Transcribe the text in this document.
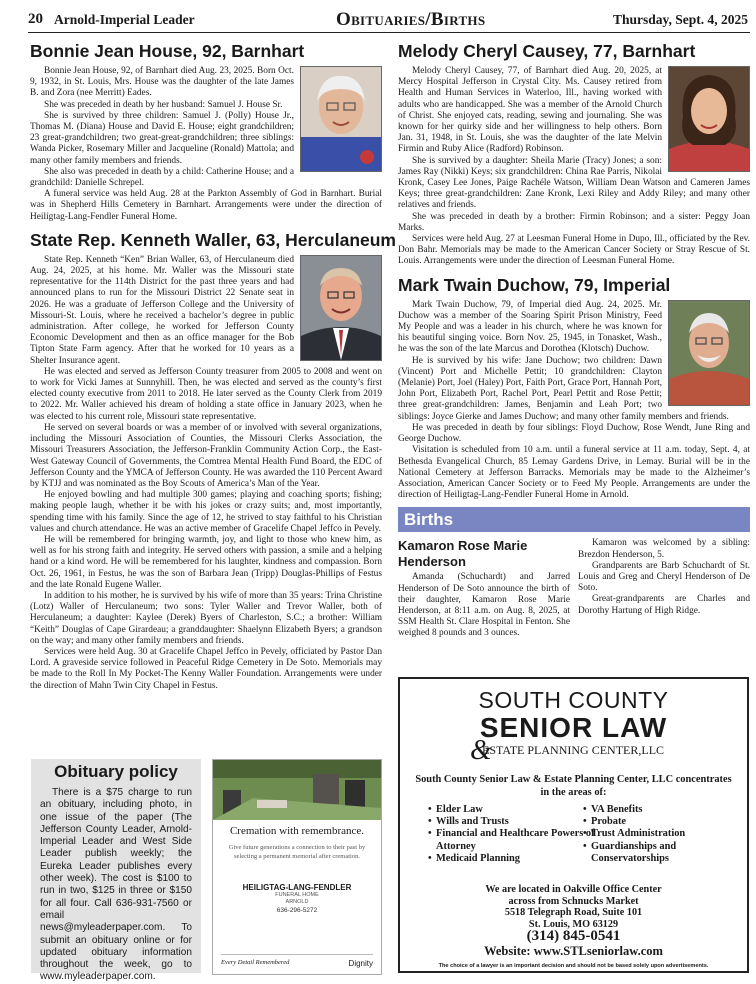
20 Arnold-Imperial Leader	Obituaries/Births	Thursday, Sept. 4, 2025
Bonnie Jean House, 92, Barnhart

Bonnie Jean House, 92, of Barnhart died Aug. 23, 2025. Born Oct. 9, 1932, in St. Louis, Mrs. House was the daughter of the late James B. and Zora (nee Merritt) Eades.

She was preceded in death by her husband: Samuel J. House Sr.

She is survived by three children: Samuel J. (Polly) House Jr., Thomas M. (Diana) House and David E. House; eight grandchildren; 23 great-grandchildren; two great-great-grandchildren; three siblings: Wanda Picker, Rosemary Miller and Jacqueline (Ronald) Mattola; and many other family members and friends.

She also was preceded in death by a child: Catherine House; and a grandchild: Danielle Schrepel.

A funeral service was held Aug. 28 at the Parkton Assembly of God in Barnhart. Burial was in Shepherd Hills Cemetery in Barnhart. Arrangements were under the direction of Heiligtag-Lang-Fendler Funeral Home.

State Rep. Kenneth Waller, 63, Herculaneum

State Rep. Kenneth “Ken” Brian Waller, 63, of Herculaneum died Aug. 24, 2025, at his home. Mr. Waller was the Missouri state representative for the 114th District for the past three years and had announced plans to run for the Missouri District 22 Senate seat in 2026. He was a graduate of Jefferson College and the University of Missouri-St. Louis, where he received a bachelor’s degree in public administration. After college, he worked for Jefferson County Economic Development and then as an office manager for the Bob Tipton State Farm agency. After that he worked for 10 years as a Shelter Insurance agent.

He was elected and served as Jefferson County treasurer from 2005 to 2008 and went on to work for Vicki James at Sunnyhill. Then, he was elected and served as the county’s first elected county executive from 2011 to 2018. He later served as the County Clerk from 2019 to 2022. Mr. Waller achieved his dream of holding a state office in January 2023, when he was elected to his current role, Missouri state representative.

He served on several boards or was a member of or involved with several organizations, including the Missouri Association of Counties, the Missouri Clerks Association, the Missouri Treasurers Association, the Jefferson-Franklin Community Action Corp., the East-West Gateway Council of Governments, the Comtrea Mental Health Fund Board, the EDC of Jefferson County and the YMCA of Jefferson County. He was awarded the 110 Percent Award by KTJJ and was nominated as the Boy Scouts of America’s Man of the Year.

He enjoyed bowling and had multiple 300 games; playing and coaching sports; fishing; making people laugh, whether it be with his jokes or crazy suits; and, most importantly, spending time with his family. Since the age of 12, he strived to stay faithful to his Christian values and church attendance. He was an active member of Gracelife Chapel Jeffco in Pevely.

He will be remembered for bringing warmth, joy, and light to those who knew him, as well as for his strong faith and integrity. He served others with passion, a smile and a helping hand or a kind word. He will be remembered for his laughter, kindness and compassion. Born Oct. 26, 1961, in Festus, he was the son of Barbara Jean (Tripp) Douglas-Phillips of Festus and the late Ronald Eugene Waller.

In addition to his mother, he is survived by his wife of more than 35 years: Trina Christine (Lotz) Waller of Herculaneum; two sons: Tyler Waller and Trevor Waller, both of Herculaneum; a daughter: Kaylee (Derek) Byers of Charleston, S.C.; a brother: William “Keith” Douglas of Cape Girardeau; a granddaughter: Shaelynn Elizabeth Byers; a grandson on the way; and many other family members and friends.

Services were held Aug. 30 at Gracelife Chapel Jeffco in Pevely, officiated by Pastor Dan Lord. A graveside service followed in Peaceful Ridge Cemetery in De Soto. Memorials may be made to the Roll In My Pocket-The Kenny Waller Foundation. Arrangements were under the direction of Mahn Twin City Chapel in Festus.

Melody Cheryl Causey, 77, Barnhart

Melody Cheryl Causey, 77, of Barnhart died Aug. 20, 2025, at Mercy Hospital Jefferson in Crystal City. Ms. Causey retired from Health and Human Services in Waterloo, Ill., having worked with adults who are handicapped. She was a member of the Arnold Church of Christ. She enjoyed cats, reading, sewing and journaling. She was known for her quirky side and her willingness to help others. Born Jan. 31, 1948, in St. Louis, she was the daughter of the late Melvin Firmin and Ruby Alice (Radford) Robinson.

She is survived by a daughter: Sheila Marie (Tracy) Jones; a son: James Ray (Nikki) Keys; six grandchildren: China Rae Parris, Nikolai Kronk, Casey Lee Jones, Paige Rachéle Watson, William Dean Watson and Cameren James Keys; three great-grandchildren: Zane Kronk, Lexi Riley and Addy Riley; and many other relatives and friends.

She was preceded in death by a brother: Firmin Robinson; and a sister: Peggy Joan Marks.

Services were held Aug. 27 at Leesman Funeral Home in Dupo, Ill., officiated by the Rev. Don Bahr. Memorials may be made to the American Cancer Society or Stray Rescue of St. Louis. Arrangements were under the direction of Leesman Funeral Home.

Mark Twain Duchow, 79, Imperial

Mark Twain Duchow, 79, of Imperial died Aug. 24, 2025. Mr. Duchow was a member of the Soaring Spirit Prison Ministry, Feed My People and was a leader in his church, where he was known for his beautiful singing voice. Born Nov. 25, 1945, in Tonasket, Wash., he was the son of the late Marcus and Dorothea (Klotsch) Duchow.

He is survived by his wife: Jane Duchow; two children: Dawn (Vincent) Port and Michelle Pettit; 10 grandchildren: Clayton (Melanie) Port, Joel (Haley) Port, Faith Port, Grace Port, Hannah Port, John Port, Elizabeth Port, Rachel Port, Pearl Pettit and Rose Pettit; three great-grandchildren: James, Benjamin and Leah Port; two siblings: Joyce Gierke and James Duchow; and many other family members and friends.

He was preceded in death by four siblings: Floyd Duchow, Rose Wendt, June Ring and George Duchow.

Visitation is scheduled from 10 a.m. until a funeral service at 11 a.m. today, Sept. 4, at Bethesda Evangelical Church, 85 Lemay Gardens Drive, in Lemay. Burial will be in the National Cemetery at Jefferson Barracks. Memorials may be made to the Alzheimer’s Association, American Cancer Society or to Feed My People. Arrangements are under the direction of Heiligtag-Lang-Fendler Funeral Home in Arnold.

Births
Kamaron Rose Marie Henderson

Amanda (Schuchardt) and Jarred Henderson of De Soto announce the birth of their daughter, Kamaron Rose Marie Henderson, at 8:11 a.m. on Aug. 8, 2025, at SSM Health St. Clare Hospital in Fenton. She weighed 8 pounds and 3 ounces.

Kamaron was welcomed by a sibling: Brezdon Henderson, 5.

Grandparents are Barb Schuchardt of St. Louis and Greg and Cheryl Henderson of De Soto.

Great-grandparents are Charles and Dorothy Hartung of High Ridge.

Obituary policy

There is a $75 charge to run an obituary, including photo, in one issue of the paper (The Jefferson County Leader, Arnold-Imperial Leader and West Side Leader publish weekly; the Eureka Leader publishes every other week). The cost is $100 to run in two, $125 in three or $150 for all four. Call 636-931-7560 or email news@myleaderpaper.com. To submit an obituary online or for updated obituary information throughout the week, go to www.myleaderpaper.com.

Cremation with remembrance.
Give future generations a connection to their past by selecting a permanent memorial after cremation.
HEILIGTAG-LANG-FENDLER
FUNERAL HOME
ARNOLD
636-296-5272
Every Detail Remembered	Dignity
SOUTH COUNTY
SENIOR LAW
&
ESTATE PLANNING CENTER,LLC
South County Senior Law & Estate Planning Center, LLC concentrates in the areas of:
• Elder Law
• Wills and Trusts
• Financial and Healthcare Powers of Attorney
• Medicaid Planning
• VA Benefits
• Probate
• Trust Administration
• Guardianships and Conservatorships
We are located in Oakville Office Center
across from Schnucks Market
5518 Telegraph Road, Suite 101
St. Louis, MO 63129
(314) 845-0541
Website: www.STLseniorlaw.com
The choice of a lawyer is an important decision and should not be based solely upon advertisements.
